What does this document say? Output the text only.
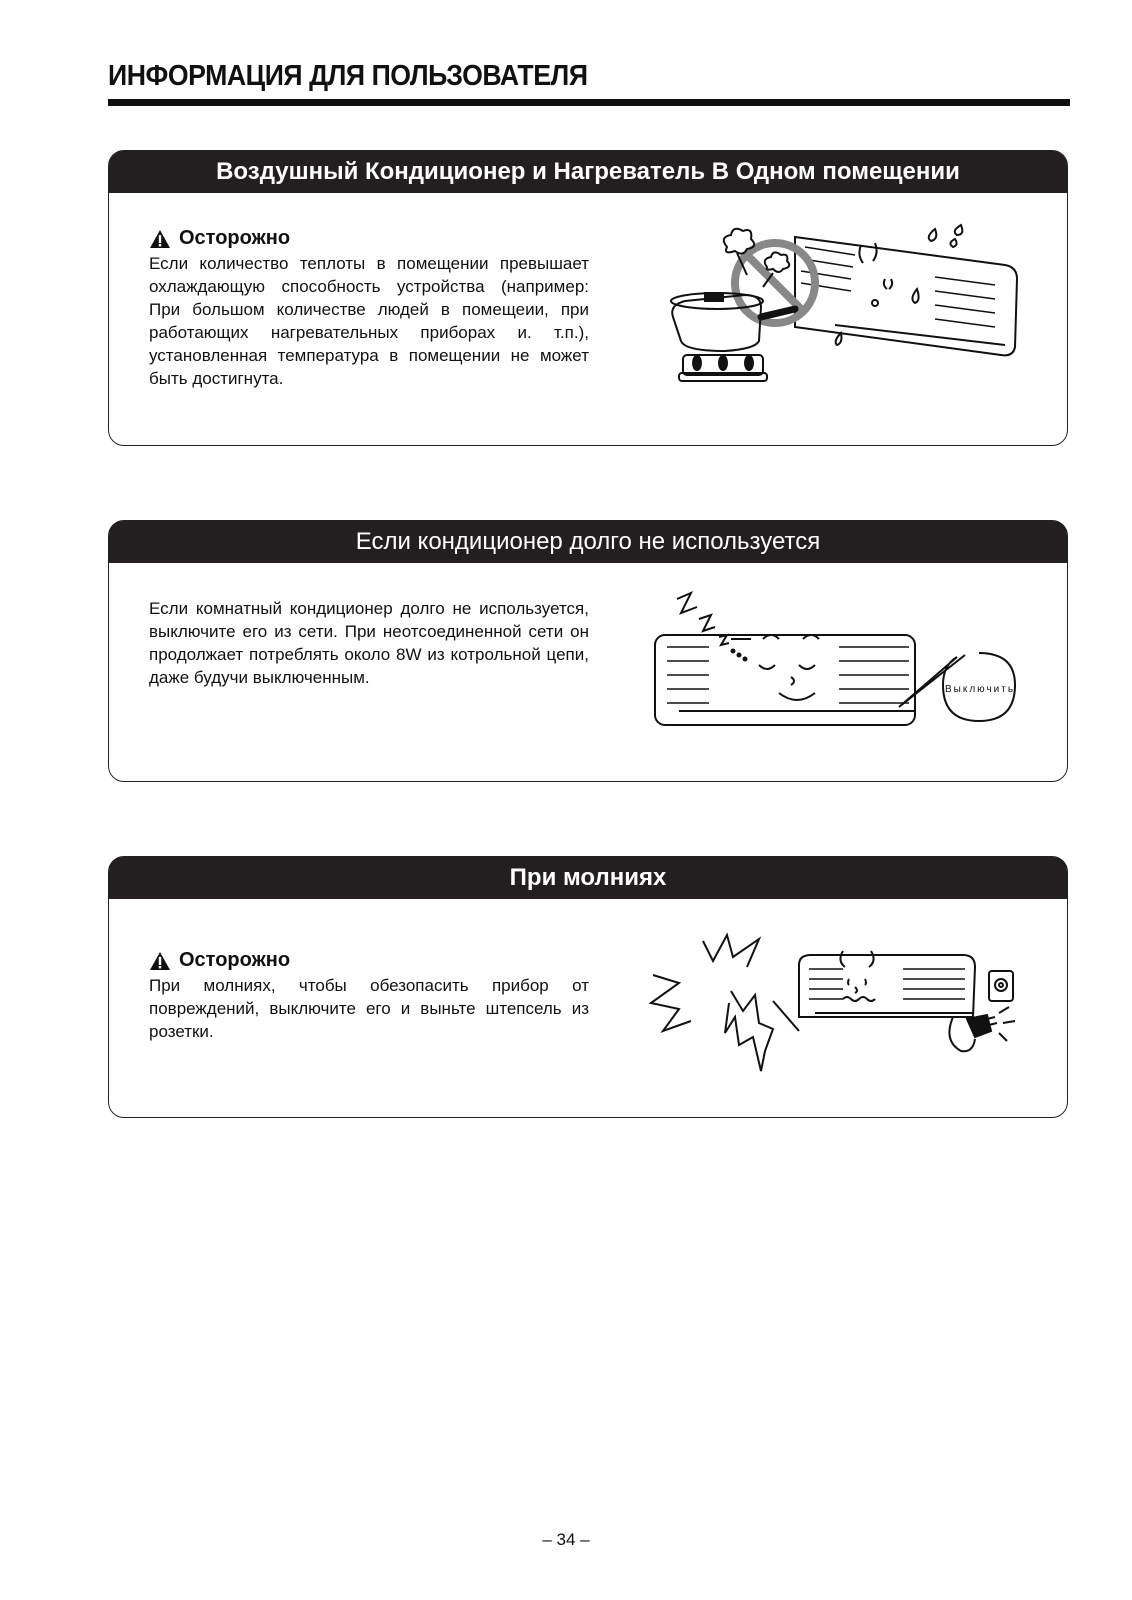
ИНФОРМАЦИЯ ДЛЯ ПОЛЬЗОВАТЕЛЯ
Воздушный Кондиционер и Нагреватель В Одном помещении
Осторожно
Если количество теплоты в помещении превышает охлаждающую способность устройства (например: При большом количестве людей в помещеии, при работающих нагревательных приборах и. т.п.), установленная температура в помещении не может быть достигнута.
Если кондиционер долго не используется
Если комнатный кондиционер долго не используется, выключите его из сети. При неотсоединенной сети он продолжает потреблять около 8W из котрольной цепи, даже будучи выключенным.
Выключить
При молниях
Осторожно
При молниях, чтобы обезопасить прибор от повреждений, выключите его и выньте штепсель из розетки.
– 34 –
